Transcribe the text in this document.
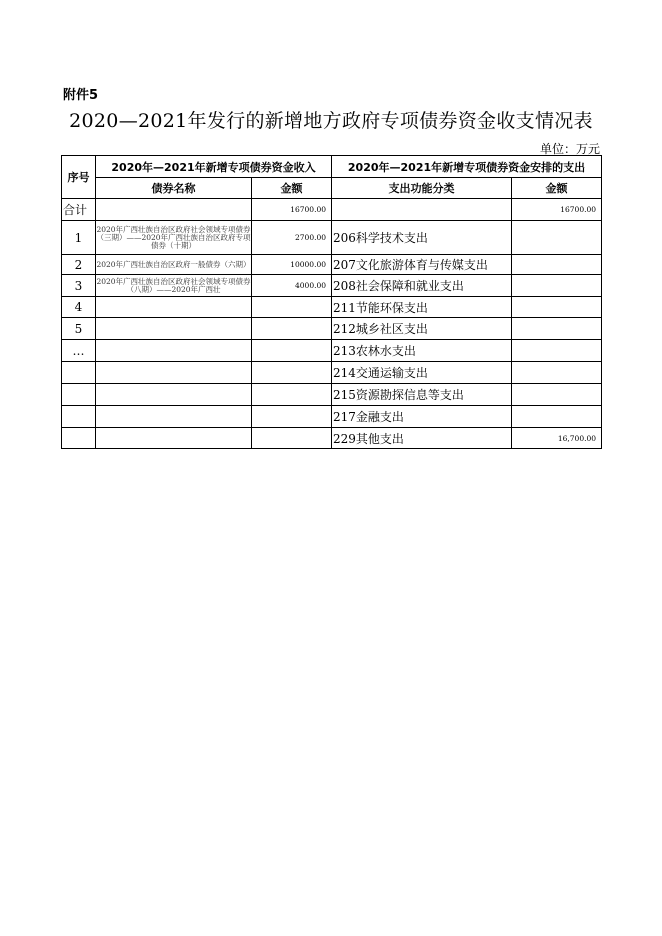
附件5
2020—2021年发行的新增地方政府专项债券资金收支情况表
单位：万元
序号	2020年—2021年新增专项债券资金收入		2020年—2021年新增专项债券资金安排的支出	
	债券名称	金额	支出功能分类	金额
合计		16700.00		16700.00
1	2020年广西壮族自治区政府社会领域专项债券（三期）——2020年广西壮族自治区政府专项债券（十期）	2700.00	206科学技术支出	
2	2020年广西壮族自治区政府一般债券（六期）	10000.00	207文化旅游体育与传媒支出	
3	2020年广西壮族自治区政府社会领域专项债券（八期）——2020年广西壮	4000.00	208社会保障和就业支出	
4			211节能环保支出	
5			212城乡社区支出	
…			213农林水支出	
			214交通运输支出	
			215资源勘探信息等支出	
			217金融支出	
			229其他支出	16,700.00
